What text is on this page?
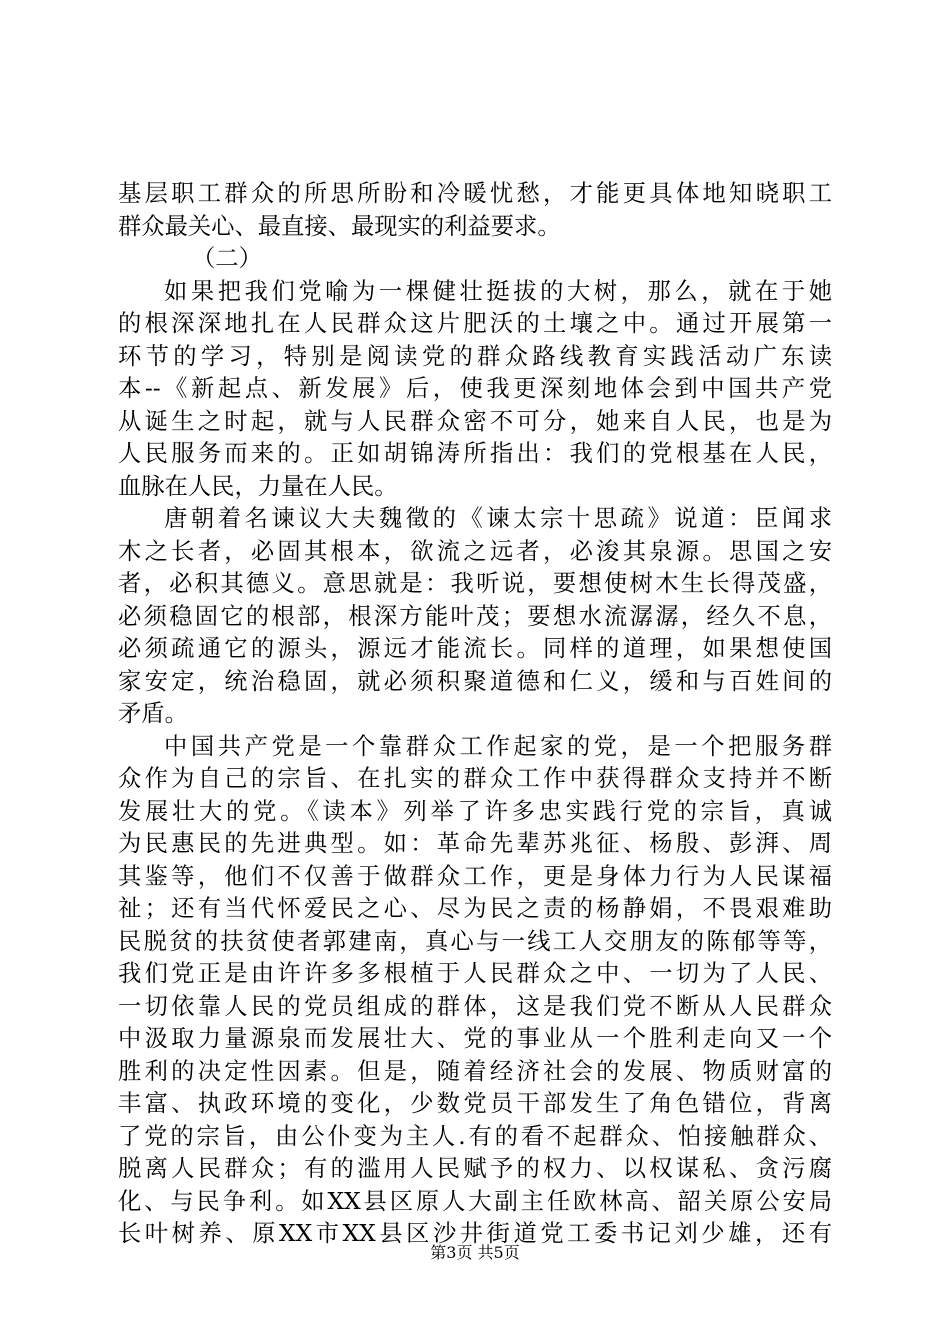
基层职工群众的所思所盼和冷暖忧愁，才能更具体地知晓职工
群众最关心、最直接、最现实的利益要求。
（二）
如果把我们党喻为一棵健壮挺拔的大树，那么，就在于她
的根深深地扎在人民群众这片肥沃的土壤之中。通过开展第一
环节的学习，特别是阅读党的群众路线教育实践活动广东读
本--《新起点、新发展》后，使我更深刻地体会到中国共产党
从诞生之时起，就与人民群众密不可分，她来自人民，也是为
人民服务而来的。正如胡锦涛所指出：我们的党根基在人民，
血脉在人民，力量在人民。
唐朝着名谏议大夫魏徵的《谏太宗十思疏》说道：臣闻求
木之长者，必固其根本，欲流之远者，必浚其泉源。思国之安
者，必积其德义。意思就是：我听说，要想使树木生长得茂盛，
必须稳固它的根部，根深方能叶茂；要想水流潺潺，经久不息，
必须疏通它的源头，源远才能流长。同样的道理，如果想使国
家安定，统治稳固，就必须积聚道德和仁义，缓和与百姓间的
矛盾。
中国共产党是一个靠群众工作起家的党，是一个把服务群
众作为自己的宗旨、在扎实的群众工作中获得群众支持并不断
发展壮大的党。《读本》列举了许多忠实践行党的宗旨，真诚
为民惠民的先进典型。如：革命先辈苏兆征、杨殷、彭湃、周
其鉴等，他们不仅善于做群众工作，更是身体力行为人民谋福
祉；还有当代怀爱民之心、尽为民之责的杨静娟，不畏艰难助
民脱贫的扶贫使者郭建南，真心与一线工人交朋友的陈郁等等，
我们党正是由许许多多根植于人民群众之中、一切为了人民、
一切依靠人民的党员组成的群体，这是我们党不断从人民群众
中汲取力量源泉而发展壮大、党的事业从一个胜利走向又一个
胜利的决定性因素。但是，随着经济社会的发展、物质财富的
丰富、执政环境的变化，少数党员干部发生了角色错位，背离
了党的宗旨，由公仆变为主人.有的看不起群众、怕接触群众、
脱离人民群众；有的滥用人民赋予的权力、以权谋私、贪污腐
化、与民争利。如XX县区原人大副主任欧林高、韶关原公安局
长叶树养、原XX市XX县区沙井街道党工委书记刘少雄，还有
第3页 共5页
